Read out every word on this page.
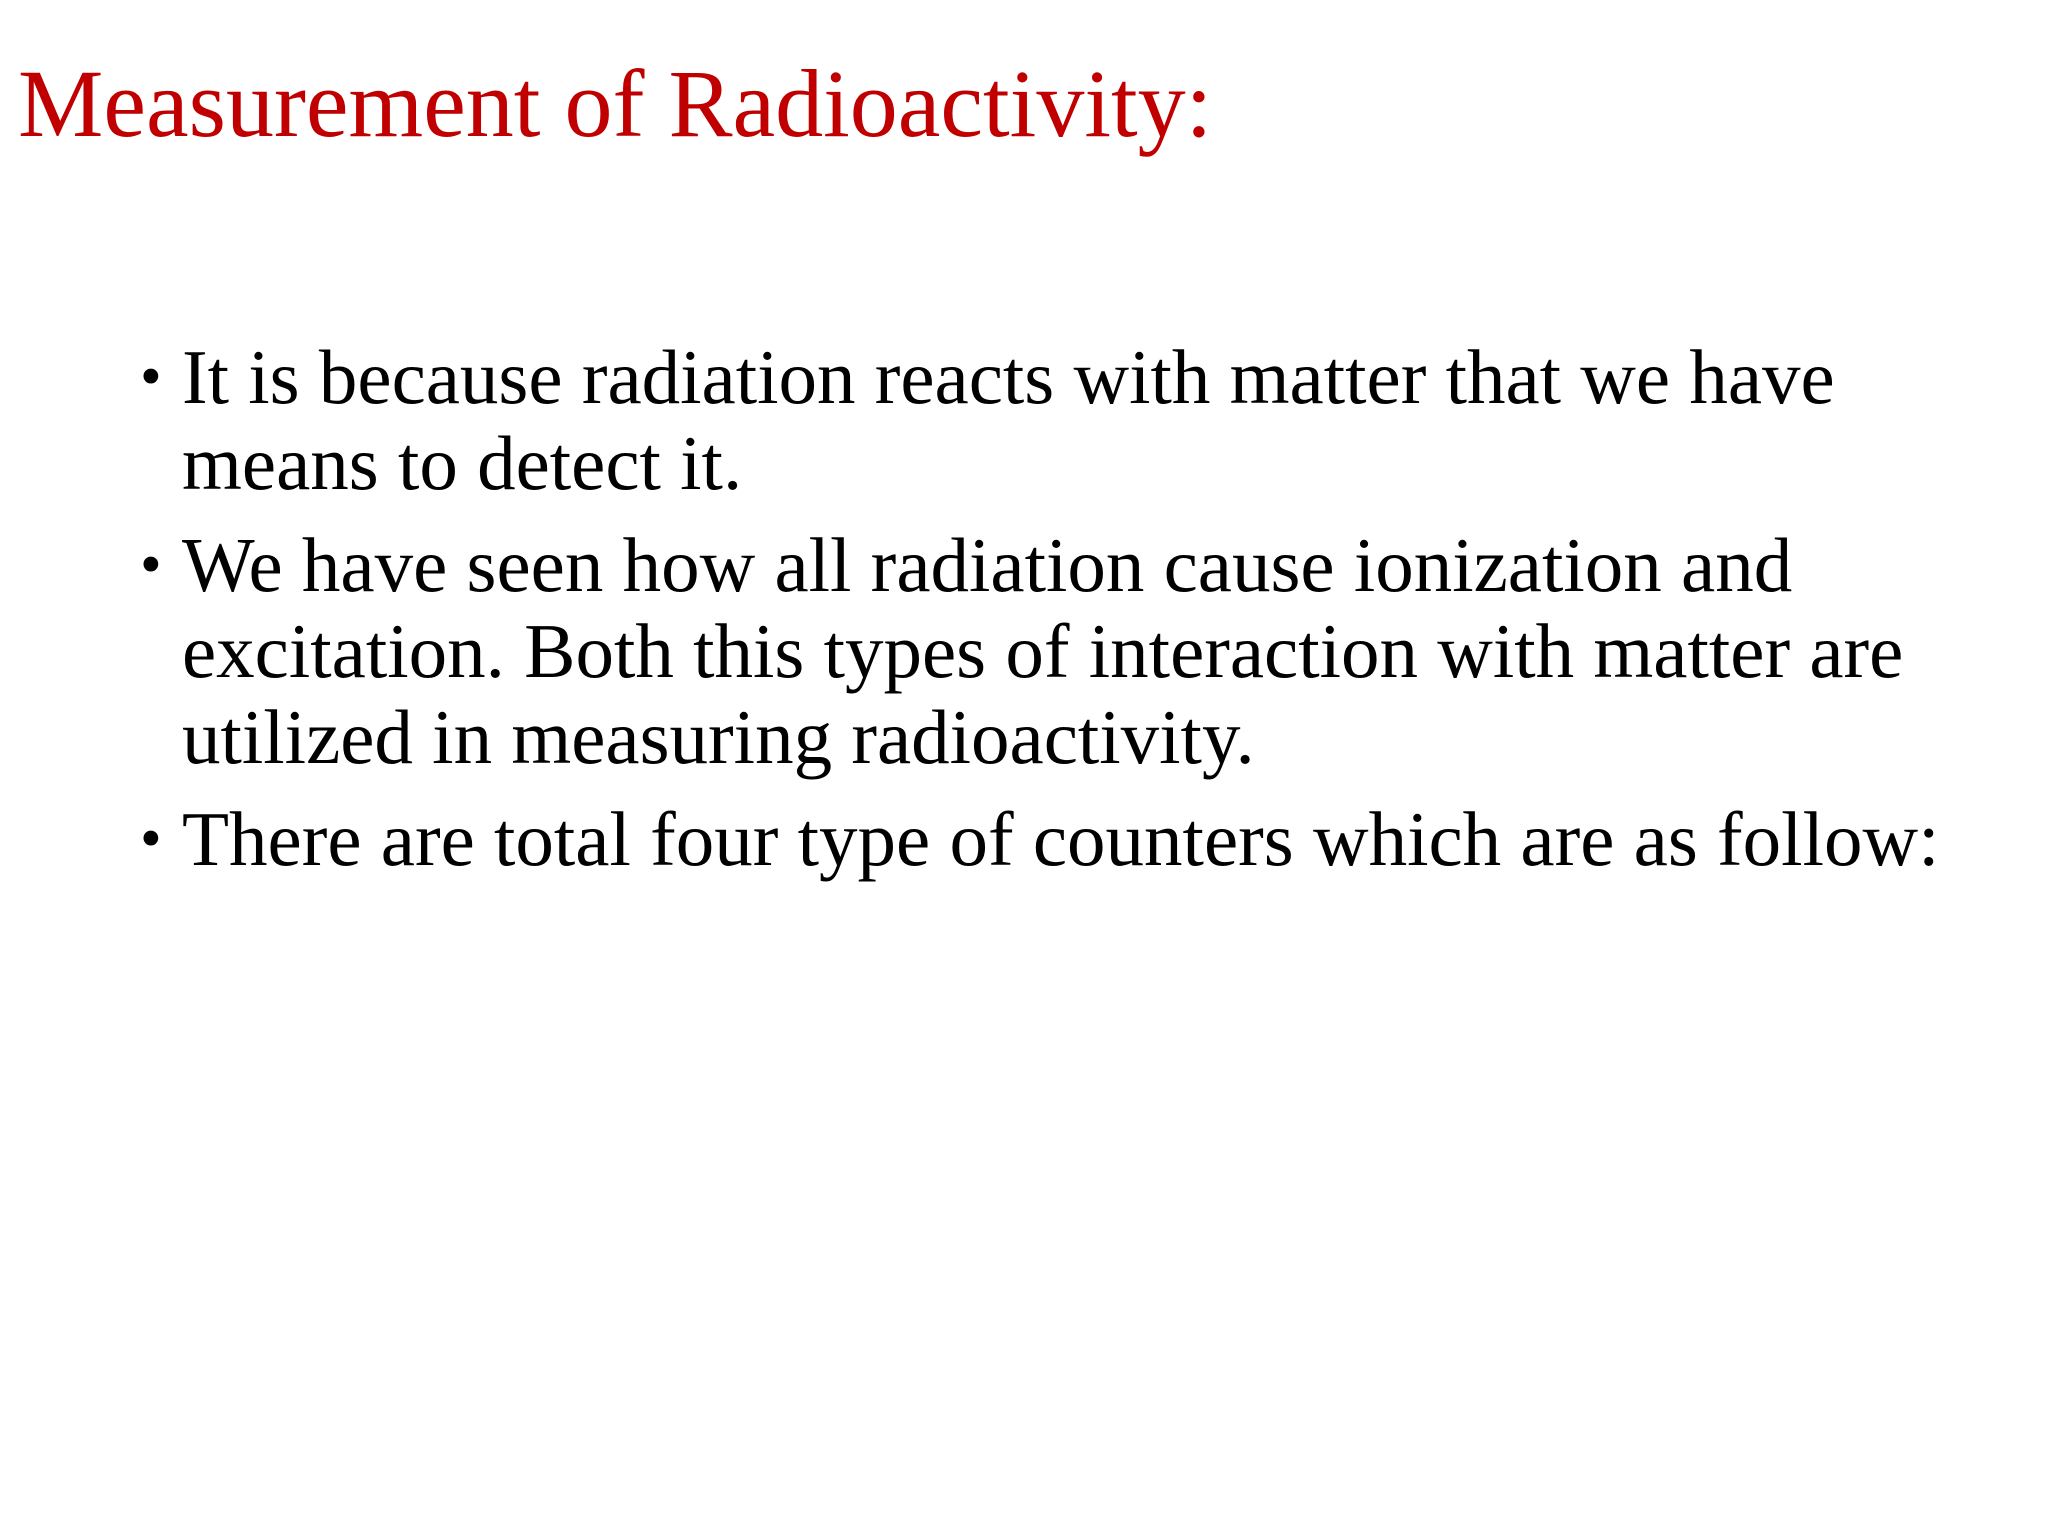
Measurement of Radioactivity:
• It is because radiation reacts with matter that we have means to detect it.
• We have seen how all radiation cause ionization and excitation. Both this types of interaction with matter are utilized in measuring radioactivity.
• There are total four type of counters which are as follow:
